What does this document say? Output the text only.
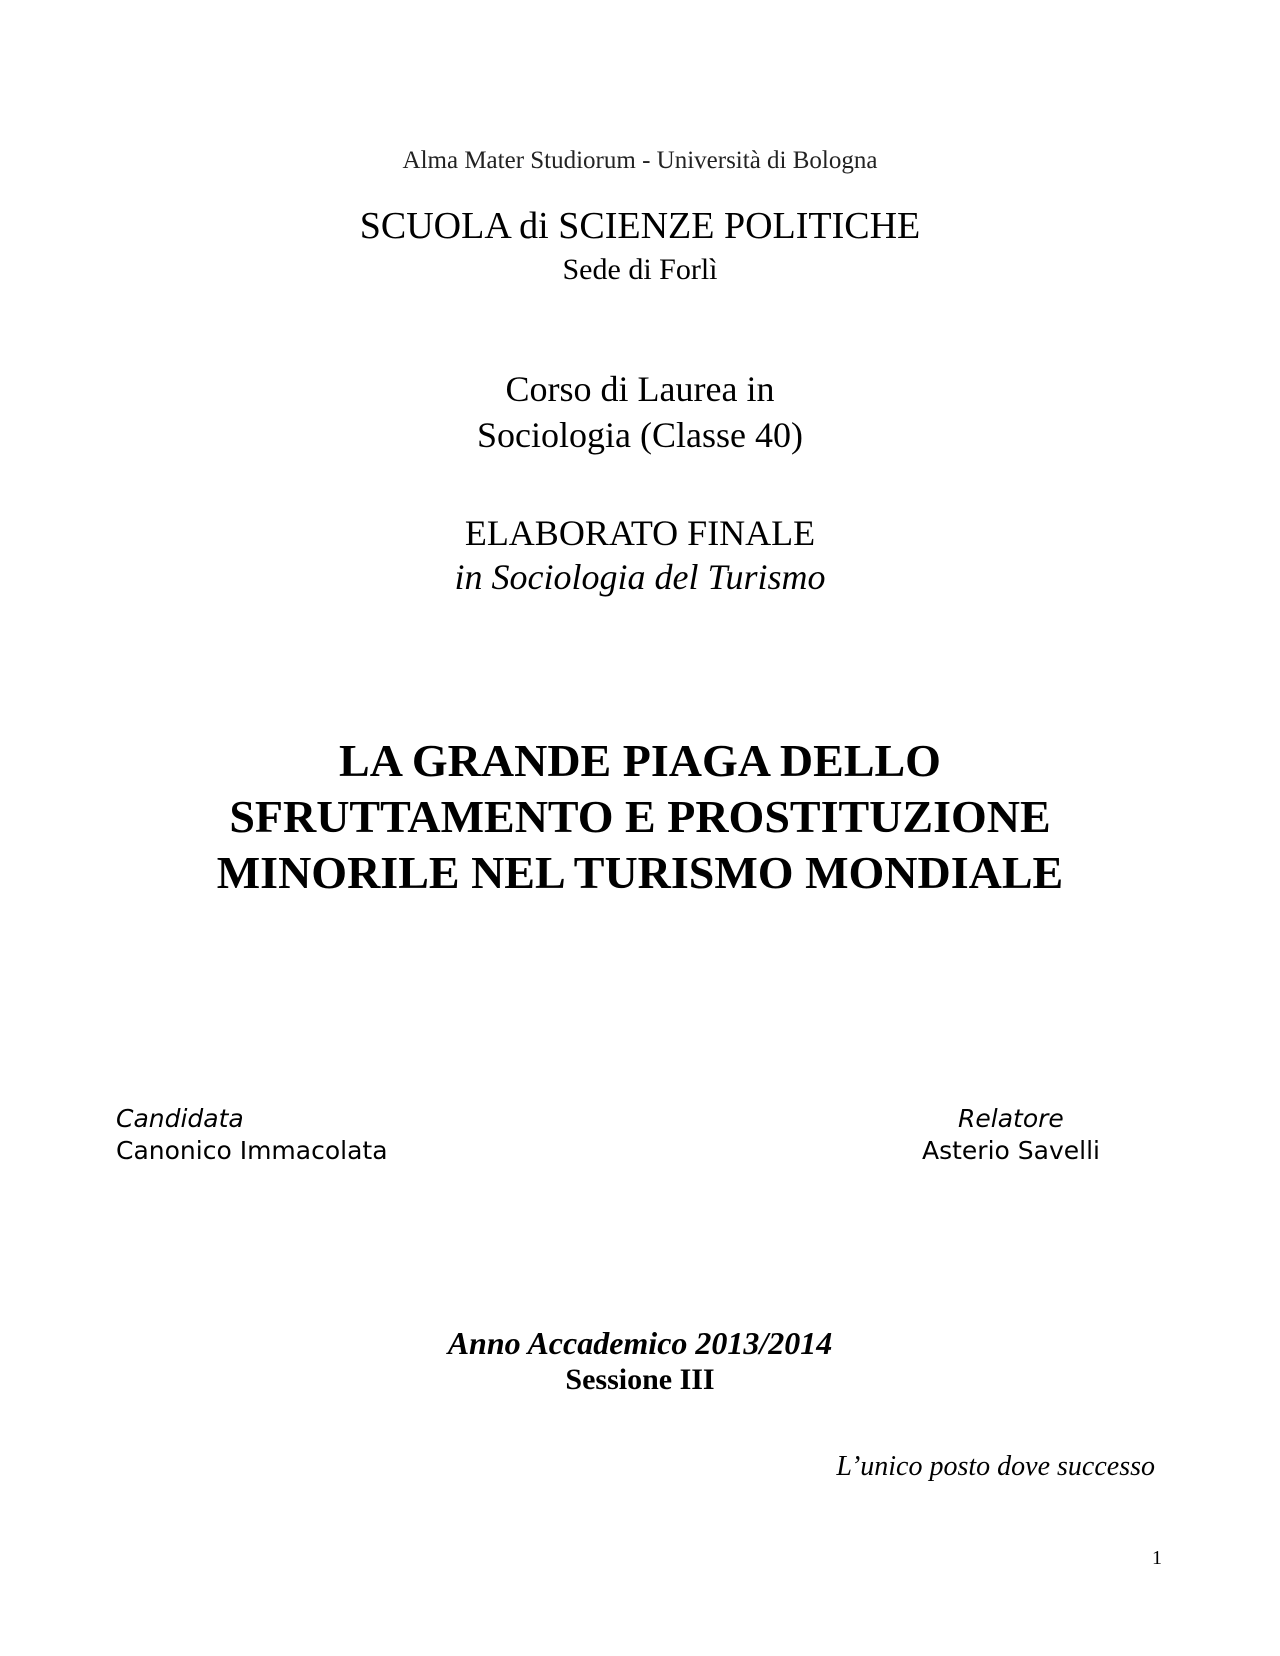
Alma Mater Studiorum - Università di Bologna
SCUOLA di SCIENZE POLITICHE
Sede di Forlì
Corso di Laurea in
Sociologia (Classe 40)
ELABORATO FINALE
in Sociologia del Turismo
LA GRANDE PIAGA DELLO
SFRUTTAMENTO E PROSTITUZIONE
MINORILE NEL TURISMO MONDIALE
Candidata
Canonico Immacolata
Relatore
Asterio Savelli
Anno Accademico 2013/2014
Sessione III
L’unico posto dove successo
1
